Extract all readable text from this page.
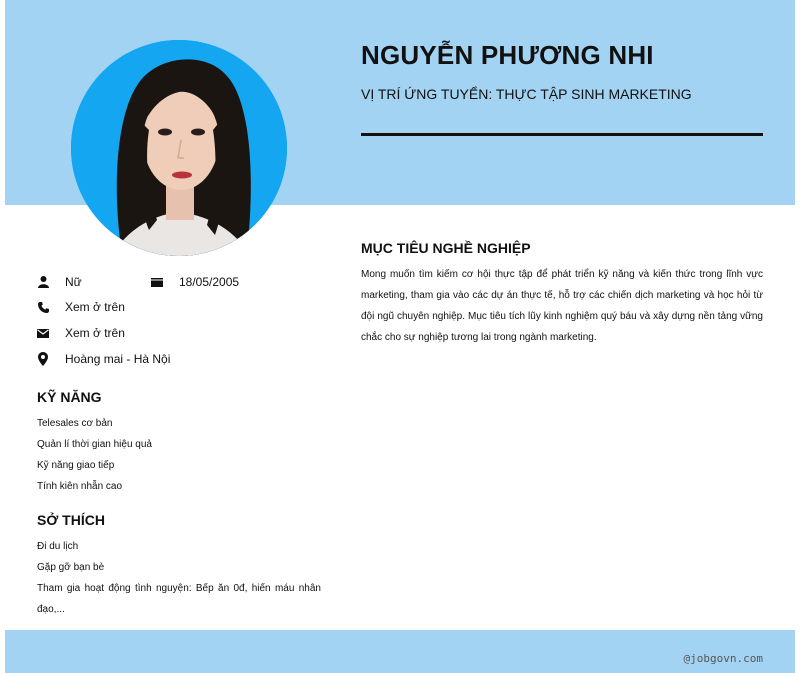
NGUYỄN PHƯƠNG NHI
VỊ TRÍ ỨNG TUYỂN: THỰC TẬP SINH MARKETING
Nữ	18/05/2005
Xem ở trên
Xem ở trên
Hoàng mai - Hà Nội
KỸ NĂNG
Telesales cơ bản
Quản lí thời gian hiệu quả
Kỹ năng giao tiếp
Tính kiên nhẫn cao
SỞ THÍCH
Đi du lịch
Gặp gỡ bạn bè
Tham gia hoạt động tình nguyện: Bếp ăn 0đ, hiến máu nhân đạo,...
MỤC TIÊU NGHỀ NGHIỆP
Mong muốn tìm kiếm cơ hội thực tập để phát triển kỹ năng và kiến thức trong lĩnh vực marketing, tham gia vào các dự án thực tế, hỗ trợ các chiến dịch marketing và học hỏi từ đội ngũ chuyên nghiệp. Mục tiêu tích lũy kinh nghiệm quý báu và xây dựng nền tảng vững chắc cho sự nghiệp tương lai trong ngành marketing.
@jobgovn.com
